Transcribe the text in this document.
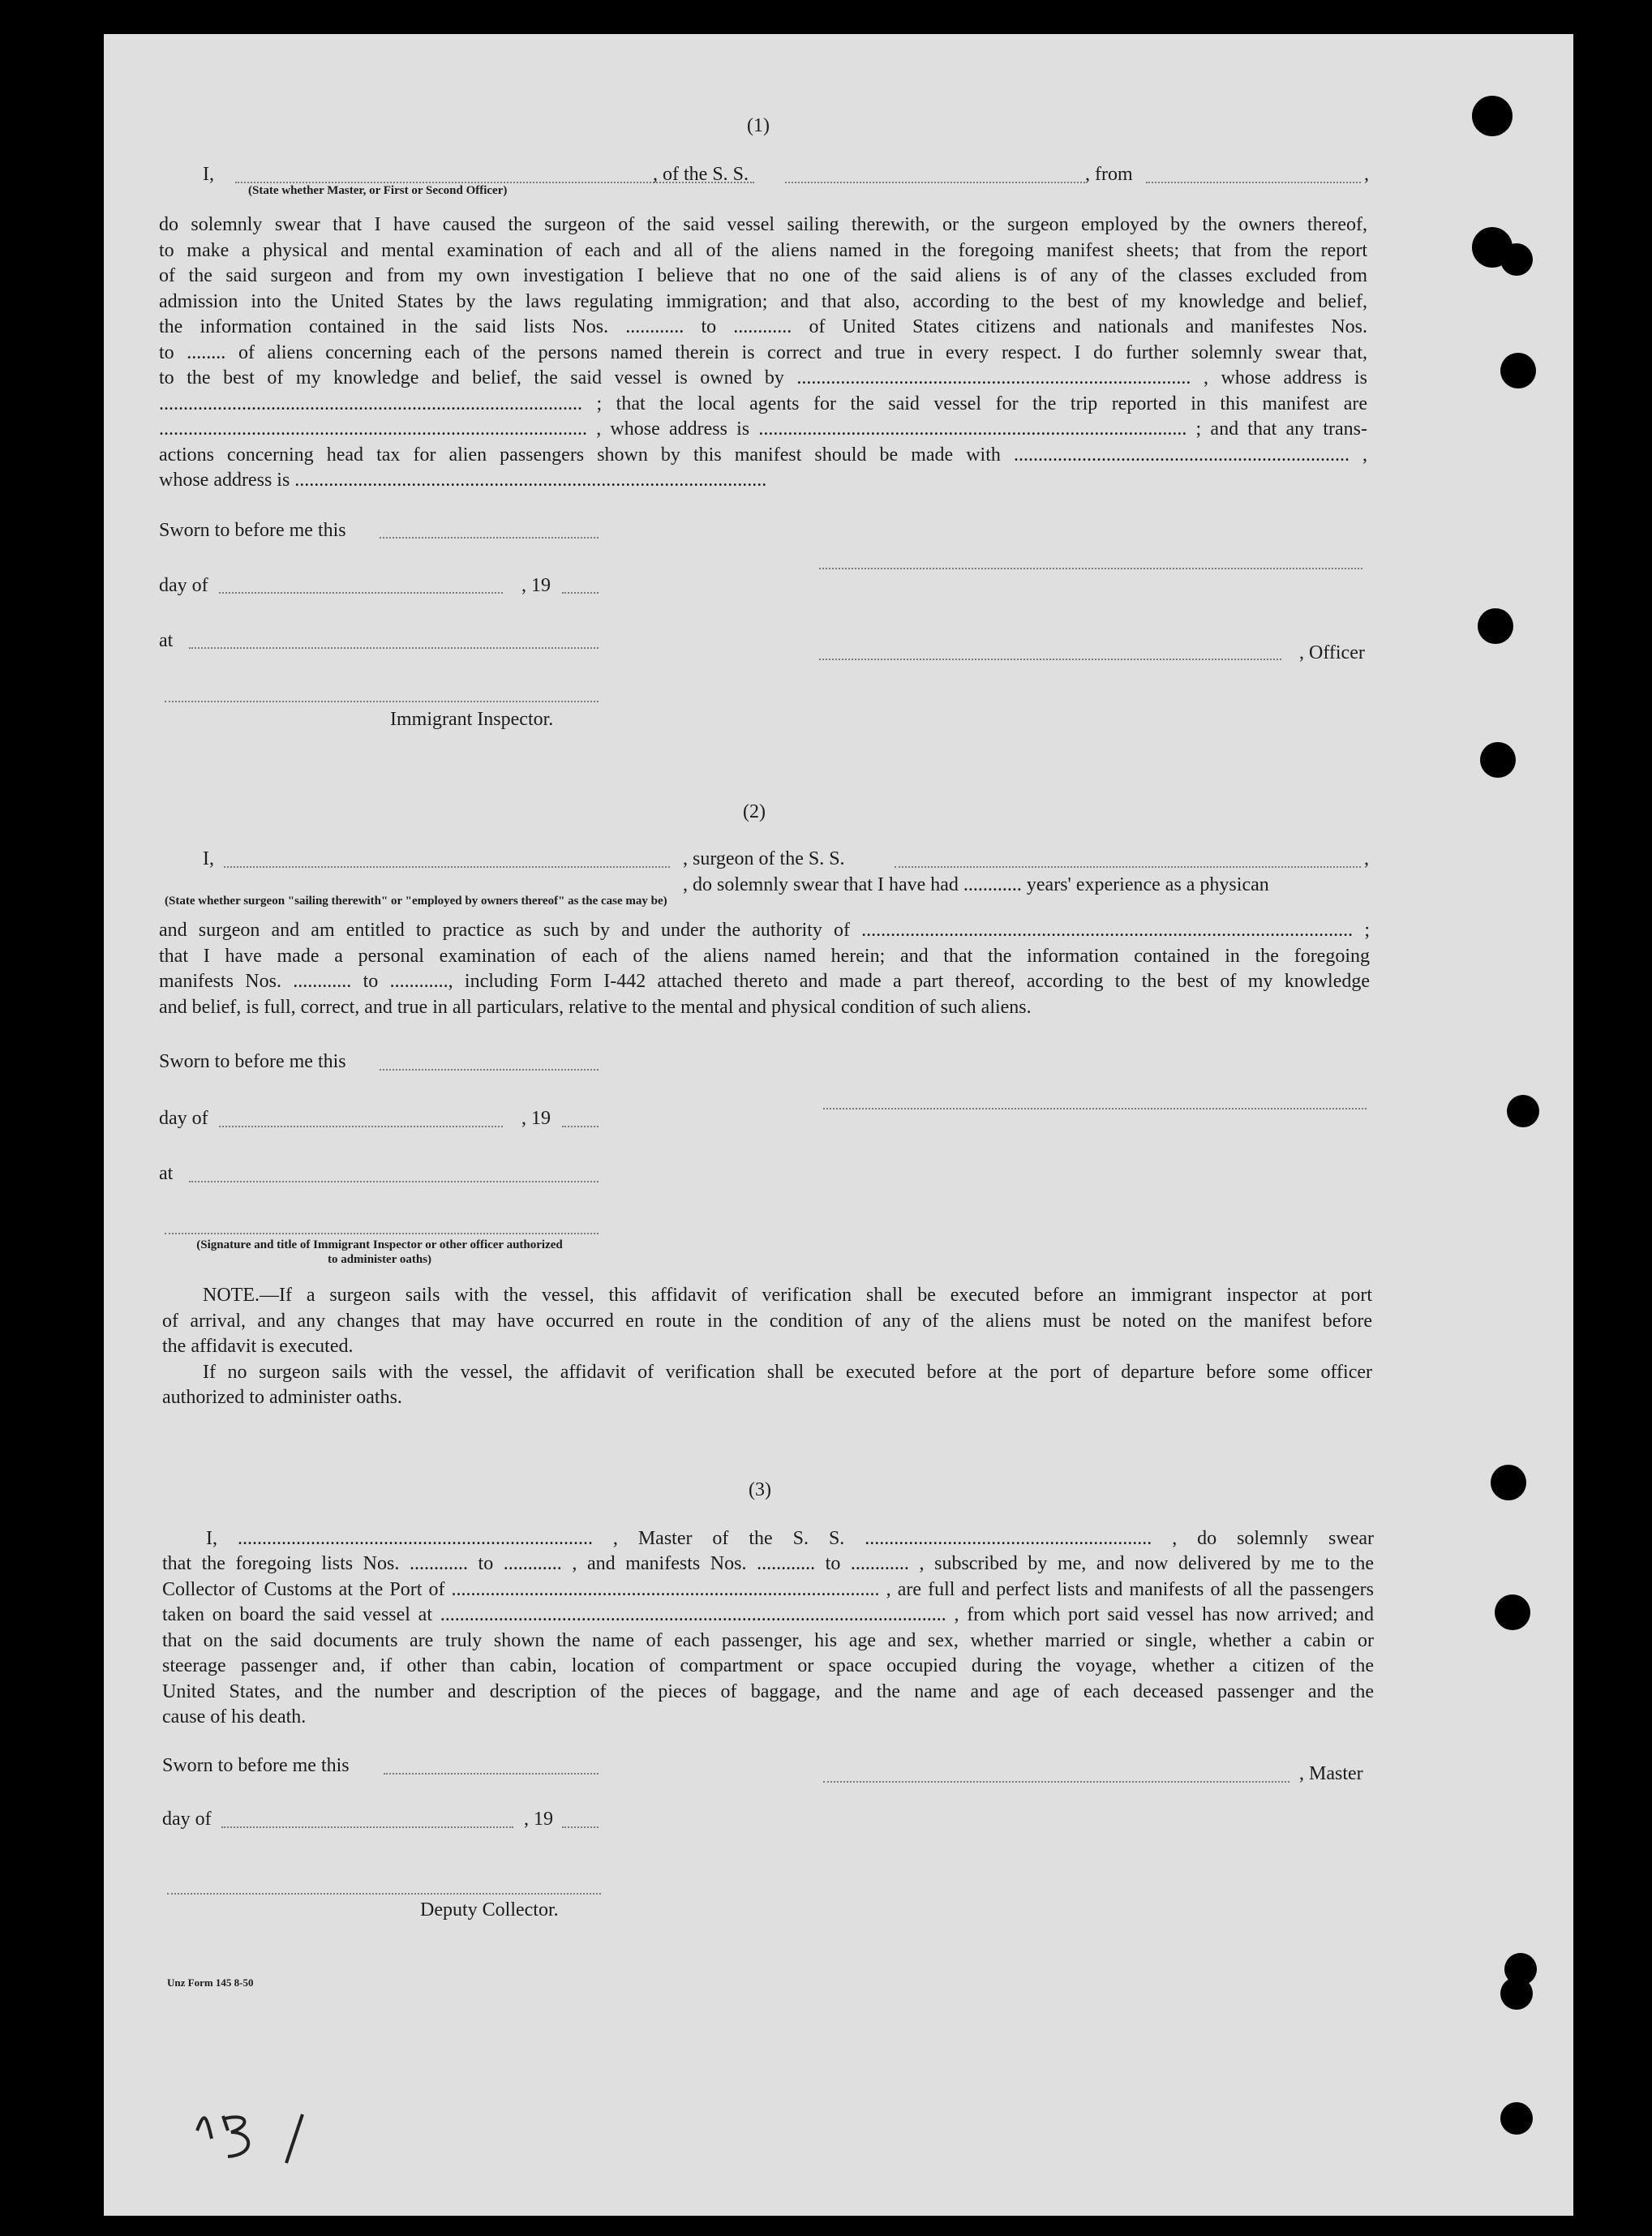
(1)
I,	, of the S. S.	, from	,
(State whether Master, or First or Second Officer)
do solemnly swear that I have caused the surgeon of the said vessel sailing therewith, or the surgeon employed by the owners thereof,
to make a physical and mental examination of each and all of the aliens named in the foregoing manifest sheets; that from the report
of the said surgeon and from my own investigation I believe that no one of the said aliens is of any of the classes excluded from
admission into the United States by the laws regulating immigration; and that also, according to the best of my knowledge and belief,
the information contained in the said lists Nos. ............ to ............ of United States citizens and nationals and manifestes Nos.
to ........ of aliens concerning each of the persons named therein is correct and true in every respect. I do further solemnly swear that,
to the best of my knowledge and belief, the said vessel is owned by ................................................................................. , whose address is
....................................................................................... ; that the local agents for the said vessel for the trip reported in this manifest are
........................................................................................ , whose address is ........................................................................................ ; and that any trans-
actions concerning head tax for alien passengers shown by this manifest should be made with ..................................................................... ,
whose address is .................................................................................................
Sworn to before me this
day of	, 19
at
, Officer
Immigrant Inspector.
(2)
I,	, surgeon of the S. S.	,
, do solemnly swear that I have had ............ years' experience as a physican
(State whether surgeon "sailing therewith" or "employed by owners thereof" as the case may be)
and surgeon and am entitled to practice as such by and under the authority of ..................................................................................................... ;
that I have made a personal examination of each of the aliens named herein; and that the information contained in the foregoing
manifests Nos. ............ to ............, including Form I-442 attached thereto and made a part thereof, according to the best of my knowledge
and belief, is full, correct, and true in all particulars, relative to the mental and physical condition of such aliens.
Sworn to before me this
day of	, 19
at
(Signature and title of Immigrant Inspector or other officer authorized to administer oaths)
NOTE.—If a surgeon sails with the vessel, this affidavit of verification shall be executed before an immigrant inspector at port
of arrival, and any changes that may have occurred en route in the condition of any of the aliens must be noted on the manifest before
the affidavit is executed.
If no surgeon sails with the vessel, the affidavit of verification shall be executed before at the port of departure before some officer
authorized to administer oaths.
(3)
I, ......................................................................... , Master of the S. S. ........................................................... , do solemnly swear
that the foregoing lists Nos. ............ to ............ , and manifests Nos. ............ to ............ , subscribed by me, and now delivered by me to the
Collector of Customs at the Port of ........................................................................................ , are full and perfect lists and manifests of all the passengers
taken on board the said vessel at ........................................................................................................ , from which port said vessel has now arrived; and
that on the said documents are truly shown the name of each passenger, his age and sex, whether married or single, whether a cabin or
steerage passenger and, if other than cabin, location of compartment or space occupied during the voyage, whether a citizen of the
United States, and the number and description of the pieces of baggage, and the name and age of each deceased passenger and the
cause of his death.
Sworn to before me this	, Master
day of	, 19
Deputy Collector.
Unz Form 145 8-50
